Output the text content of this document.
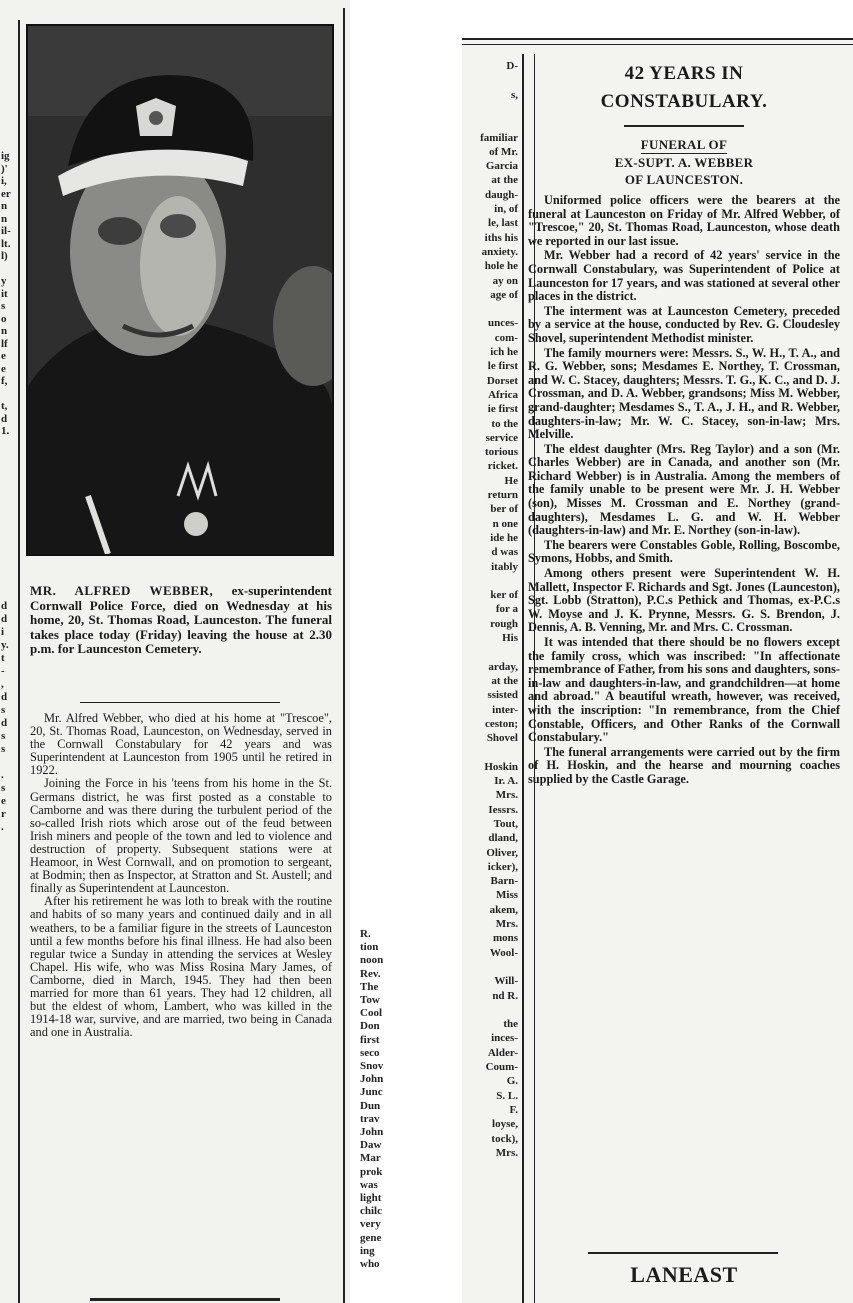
MR. ALFRED WEBBER, ex-superintendent Cornwall Police Force, died on Wednesday at his home, 20, St. Thomas Road, Launceston. The funeral takes place today (Friday) leaving the house at 2.30 p.m. for Launceston Cemetery.

Mr. Alfred Webber, who died at his home at "Trescoe", 20, St. Thomas Road, Launceston, on Wednesday, served in the Cornwall Constabulary for 42 years and was Superintendent at Launceston from 1905 until he retired in 1922.

Joining the Force in his 'teens from his home in the St. Germans district, he was first posted as a constable to Camborne and was there during the turbulent period of the so-called Irish riots which arose out of the feud between Irish miners and people of the town and led to violence and destruction of property. Subsequent stations were at Heamoor, in West Cornwall, and on promotion to sergeant, at Bodmin; then as Inspector, at Stratton and St. Austell; and finally as Superintendent at Launceston.

After his retirement he was loth to break with the routine and habits of so many years and continued daily and in all weathers, to be a familiar figure in the streets of Launceston until a few months before his final illness. He had also been regular twice a Sunday in attending the services at Wesley Chapel. His wife, who was Miss Rosina Mary James, of Camborne, died in March, 1945. They had then been married for more than 61 years. They had 12 children, all but the eldest of whom, Lambert, who was killed in the 1914-18 war, survive, and are married, two being in Canada and one in Australia.

ig
)'
i,
er
n
n
il-
lt.
l)
y
it
s
o
n
lf
e
e
f,
t,
d
1.
d
d
i
y.
t
-
,
d
s
d
s
s
.
s
e
r
.
D-
s,
familiar
of Mr.
Garcia
at the
daugh-
in, of
le, last
iths his
anxiety.
hole he
ay on
age of
unces-
com-
ich he
le first
Dorset
Africa
ie first
to the
service
torious
ricket.
He
return
ber of
n one
ide he
d was
itably
ker of
for a
rough
His
arday,
at the
ssisted
inter-
ceston;
Shovel
Hoskin
Ir. A.
Mrs.
Iessrs.
Tout,
dland,
Oliver,
icker),
Barn-
Miss
akem,
Mrs.
mons
Wool-
Will-
nd R.
the
inces-
Alder-
Coum-
G.
S. L.
F.
loyse,
tock),
Mrs.
42 YEARS IN
CONSTABULARY.
FUNERAL OF
EX-SUPT. A. WEBBER
OF LAUNCESTON.

Uniformed police officers were the bearers at the funeral at Launceston on Friday of Mr. Alfred Webber, of "Trescoe," 20, St. Thomas Road, Launceston, whose death we reported in our last issue.

Mr. Webber had a record of 42 years' service in the Cornwall Constabulary, was Superintendent of Police at Launceston for 17 years, and was stationed at several other places in the district.

The interment was at Launceston Cemetery, preceded by a service at the house, conducted by Rev. G. Cloudesley Shovel, superintendent Methodist minister.

The family mourners were: Messrs. S., W. H., T. A., and R. G. Webber, sons; Mesdames E. Northey, T. Crossman, and W. C. Stacey, daughters; Messrs. T. G., K. C., and D. J. Crossman, and D. A. Webber, grandsons; Miss M. Webber, grand-daughter; Mesdames S., T. A., J. H., and R. Webber, daughters-in-law; Mr. W. C. Stacey, son-in-law; Mrs. Melville.

The eldest daughter (Mrs. Reg Taylor) and a son (Mr. Charles Webber) are in Canada, and another son (Mr. Richard Webber) is in Australia. Among the members of the family unable to be present were Mr. J. H. Webber (son), Misses M. Crossman and E. Northey (grand-daughters), Mesdames L. G. and W. H. Webber (daughters-in-law) and Mr. E. Northey (son-in-law).

The bearers were Constables Goble, Rolling, Boscombe, Symons, Hobbs, and Smith.

Among others present were Superintendent W. H. Mallett, Inspector F. Richards and Sgt. Jones (Launceston), Sgt. Lobb (Stratton), P.C.s Pethick and Thomas, ex-P.C.s W. Moyse and J. K. Prynne, Messrs. G. S. Brendon, J. Dennis, A. B. Venning, Mr. and Mrs. C. Crossman.

It was intended that there should be no flowers except the family cross, which was inscribed: "In affectionate remembrance of Father, from his sons and daughters, sons-in-law and daughters-in-law, and grandchildren—at home and abroad." A beautiful wreath, however, was received, with the inscription: "In remembrance, from the Chief Constable, Officers, and Other Ranks of the Cornwall Constabulary."

The funeral arrangements were carried out by the firm of H. Hoskin, and the hearse and mourning coaches supplied by the Castle Garage.

LANEAST
R.
tion
noon
Rev.
The
Tow
Cool
Don
first
seco
Snov
John
Junc
Dun
trav
John
Daw
Mar
prok
was
light
chilc
very
gene
ing
who
